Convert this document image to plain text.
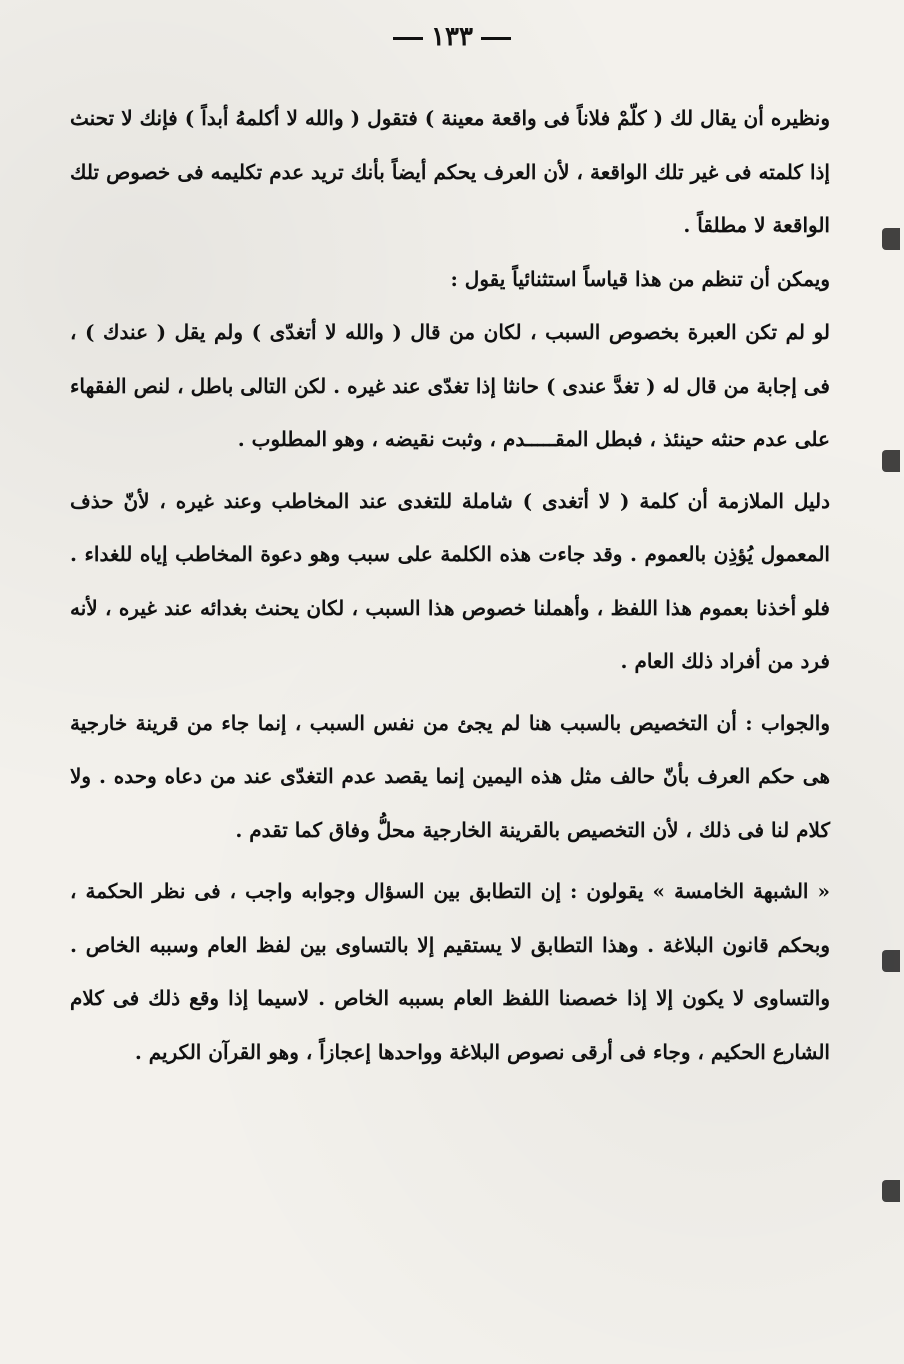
١٣٣

ونظيره أن يقال لك ( كلّمْ فلاناً فى واقعة معينة ) فتقول ( والله لا أكلمهُ أبداً ) فإنك لا تحنث إذا كلمته فى غير تلك الواقعة ، لأن العرف يحكم أيضاً بأنك تريد عدم تكليمه فى خصوص تلك الواقعة لا مطلقاً .

ويمكن أن تنظم من هذا قياساً استثنائياً يقول :

لو لم تكن العبرة بخصوص السبب ، لكان من قال ( والله لا أتغدّى ) ولم يقل ( عندك ) ، فى إجابة من قال له ( تغدَّ عندى ) حانثا إذا تغدّى عند غيره . لكن التالى باطل ، لنص الفقهاء على عدم حنثه حينئذ ، فبطل المقـــــدم ، وثبت نقيضه ، وهو المطلوب .

دليل الملازمة أن كلمة ( لا أتغدى ) شاملة للتغدى عند المخاطب وعند غيره ، لأنّ حذف المعمول يُؤذِن بالعموم . وقد جاءت هذه الكلمة على سبب وهو دعوة المخاطب إياه للغداء . فلو أخذنا بعموم هذا اللفظ ، وأهملنا خصوص هذا السبب ، لكان يحنث بغدائه عند غيره ، لأنه فرد من أفراد ذلك العام .

والجواب : أن التخصيص بالسبب هنا لم يجئ من نفس السبب ، إنما جاء من قرينة خارجية هى حكم العرف بأنّ حالف مثل هذه اليمين إنما يقصد عدم التغدّى عند من دعاه وحده . ولا كلام لنا فى ذلك ، لأن التخصيص بالقرينة الخارجية محلُّ وفاق كما تقدم .

« الشبهة الخامسة » يقولون : إن التطابق بين السؤال وجوابه واجب ، فى نظر الحكمة ، وبحكم قانون البلاغة . وهذا التطابق لا يستقيم إلا بالتساوى بين لفظ العام وسببه الخاص . والتساوى لا يكون إلا إذا خصصنا اللفظ العام بسببه الخاص . لاسيما إذا وقع ذلك فى كلام الشارع الحكيم ، وجاء فى أرقى نصوص البلاغة وواحدها إعجازاً ، وهو القرآن الكريم .
